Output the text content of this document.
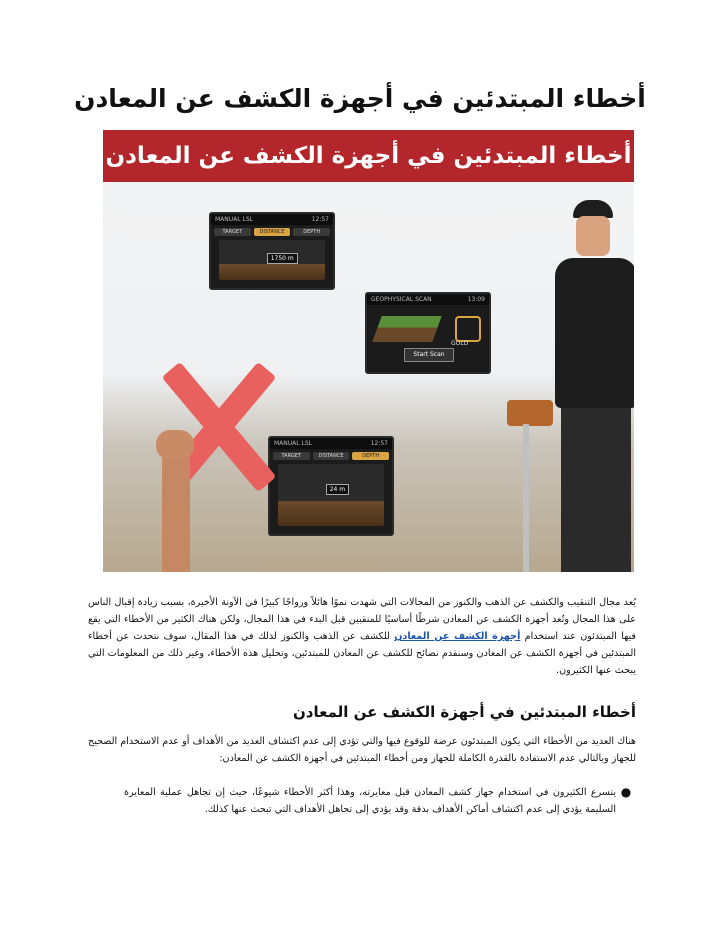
أخطاء المبتدئين في أجهزة الكشف عن المعادن
أخطاء المبتدئين في أجهزة الكشف عن المعادن
MANUAL LSL	12:57
TARGET	DISTANCE	DEPTH
1750 m
GEOPHYSICAL SCAN	13:09
GOLD
Start Scan
MANUAL LSL	12:57
TARGET	DISTANCE	DEPTH
24 m
يُعد مجال التنقيب والكشف عن الذهب والكنوز من المجالات التي شهدت نموًا هائلاً ورواجًا كبيرًا في الآونة الأخيرة، بسبب زيادة إقبال الناس على هذا المجال وتُعد أجهزة الكشف عن المعادن شرطًا أساسيًا للمنقبين قبل البدء في هذا المجال، ولكن هناك الكثير من الأخطاء التي يقع فيها المبتدئون عند استخدام أجهزة الكشف عن المعادن للكشف عن الذهب والكنوز لذلك في هذا المقال، سوف نتحدث عن أخطاء المبتدئين في أجهزة الكشف عن المعادن وسنقدم نصائح للكشف عن المعادن للمبتدئين، وتحليل هذه الأخطاء، وغير ذلك من المعلومات التي يبحث عنها الكثيرون.
أخطاء المبتدئين في أجهزة الكشف عن المعادن
هناك العديد من الأخطاء التي يكون المبتدئون عرضة للوقوع فيها والتي تؤدي إلى عدم اكتشاف العديد من الأهداف أو عدم الاستخدام الصحيح للجهاز وبالتالي عدم الاستفادة بالقدرة الكاملة للجهاز ومن أخطاء المبتدئين في أجهزة الكشف عن المعادن:
●
يتسرع الكثيرون في استخدام جهاز كشف المعادن قبل معايرته، وهذا أكثر الأخطاء شيوعًا، حيث إن تجاهل عملية المعايرة السليمة يؤدي إلى عدم اكتشاف أماكن الأهداف بدقة وقد يؤدي إلى تجاهل الأهداف التي تبحث عنها كذلك.
